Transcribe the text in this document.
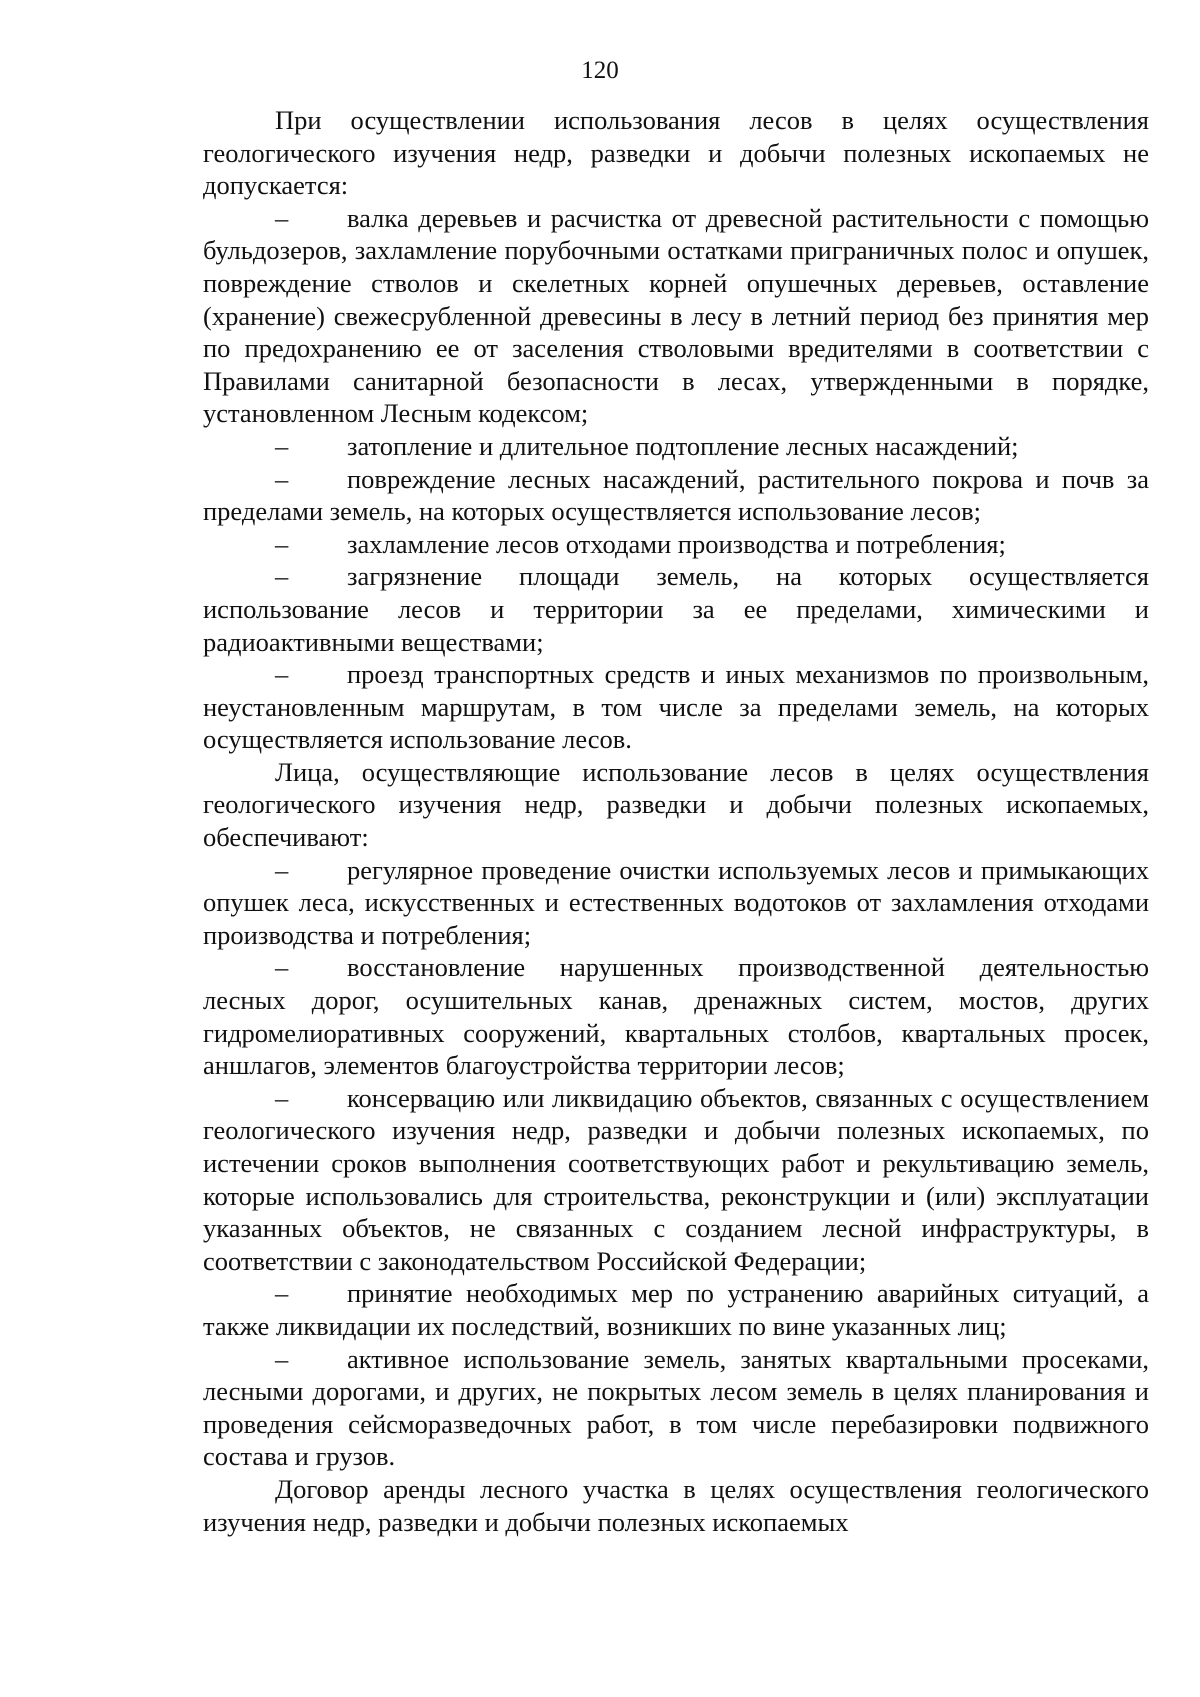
120

При осуществлении использования лесов в целях осуществления геологического изучения недр, разведки и добычи полезных ископаемых не допускается:

– валка деревьев и расчистка от древесной растительности с помощью бульдозеров, захламление порубочными остатками приграничных полос и опушек, повреждение стволов и скелетных корней опушечных деревьев, оставление (хранение) свежесрубленной древесины в лесу в летний период без принятия мер по предохранению ее от заселения стволовыми вредителями в соответствии с Правилами санитарной безопасности в лесах, утвержденными в порядке, установленном Лесным кодексом;

– затопление и длительное подтопление лесных насаждений;

– повреждение лесных насаждений, растительного покрова и почв за пределами земель, на которых осуществляется использование лесов;

– захламление лесов отходами производства и потребления;

– загрязнение площади земель, на которых осуществляется использование лесов и территории за ее пределами, химическими и радиоактивными веществами;

– проезд транспортных средств и иных механизмов по произвольным, неустановленным маршрутам, в том числе за пределами земель, на которых осуществляется использование лесов.

Лица, осуществляющие использование лесов в целях осуществления геологического изучения недр, разведки и добычи полезных ископаемых, обеспечивают:

– регулярное проведение очистки используемых лесов и примыкающих опушек леса, искусственных и естественных водотоков от захламления отходами производства и потребления;

– восстановление нарушенных производственной деятельностью лесных дорог, осушительных канав, дренажных систем, мостов, других гидромелиоративных сооружений, квартальных столбов, квартальных просек, аншлагов, элементов благоустройства территории лесов;

– консервацию или ликвидацию объектов, связанных с осуществлением геологического изучения недр, разведки и добычи полезных ископаемых, по истечении сроков выполнения соответствующих работ и рекультивацию земель, которые использовались для строительства, реконструкции и (или) эксплуатации указанных объектов, не связанных с созданием лесной инфраструктуры, в соответствии с законодательством Российской Федерации;

– принятие необходимых мер по устранению аварийных ситуаций, а также ликвидации их последствий, возникших по вине указанных лиц;

– активное использование земель, занятых квартальными просеками, лесными дорогами, и других, не покрытых лесом земель в целях планирования и проведения сейсморазведочных работ, в том числе перебазировки подвижного состава и грузов.

Договор аренды лесного участка в целях осуществления геологического изучения недр, разведки и добычи полезных ископаемых
